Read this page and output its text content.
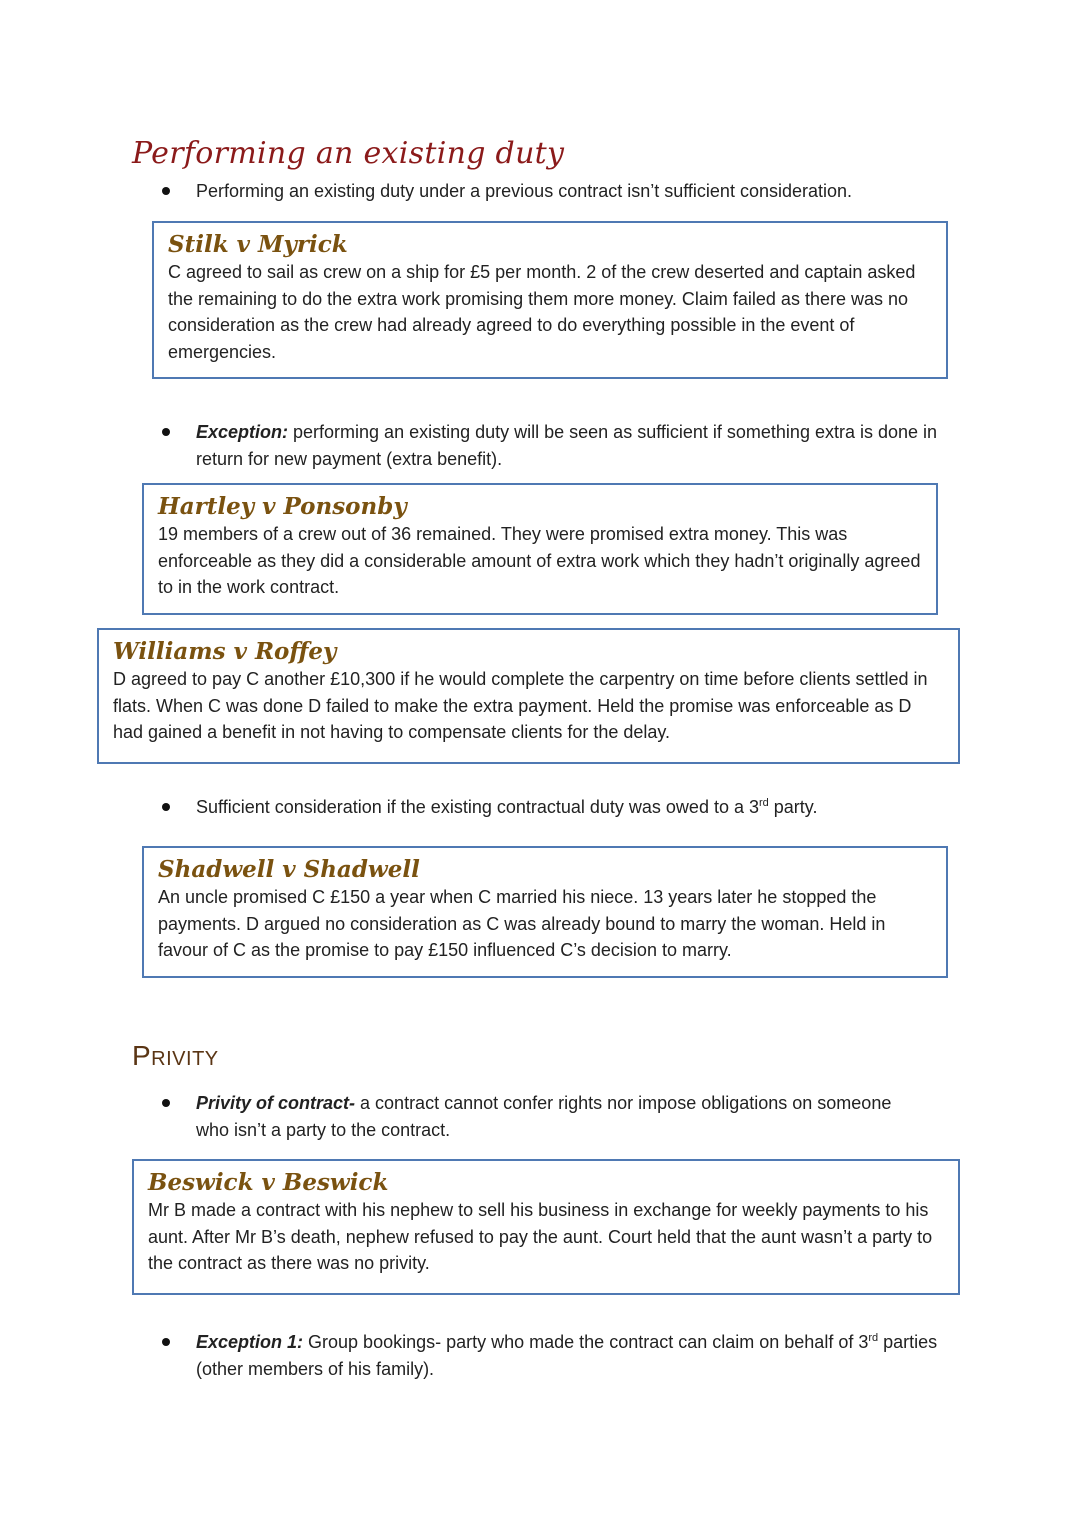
Performing an existing duty
Performing an existing duty under a previous contract isn’t sufficient consideration.
Stilk v Myrick
C agreed to sail as crew on a ship for £5 per month. 2 of the crew deserted and captain asked the remaining to do the extra work promising them more money. Claim failed as there was no consideration as the crew had already agreed to do everything possible in the event of emergencies.
Exception: performing an existing duty will be seen as sufficient if something extra is done in return for new payment (extra benefit).
Hartley v Ponsonby
19 members of a crew out of 36 remained. They were promised extra money. This was enforceable as they did a considerable amount of extra work which they hadn’t originally agreed to in the work contract.
Williams v Roffey
D agreed to pay C another £10,300 if he would complete the carpentry on time before clients settled in flats. When C was done D failed to make the extra payment. Held the promise was enforceable as D had gained a benefit in not having to compensate clients for the delay.
Sufficient consideration if the existing contractual duty was owed to a 3rd party.
Shadwell v Shadwell
An uncle promised C £150 a year when C married his niece. 13 years later he stopped the payments. D argued no consideration as C was already bound to marry the woman. Held in favour of C as the promise to pay £150 influenced C’s decision to marry.
Privity
Privity of contract- a contract cannot confer rights nor impose obligations on someone who isn’t a party to the contract.
Beswick v Beswick
Mr B made a contract with his nephew to sell his business in exchange for weekly payments to his aunt. After Mr B’s death, nephew refused to pay the aunt. Court held that the aunt wasn’t a party to the contract as there was no privity.
Exception 1: Group bookings- party who made the contract can claim on behalf of 3rd parties (other members of his family).
